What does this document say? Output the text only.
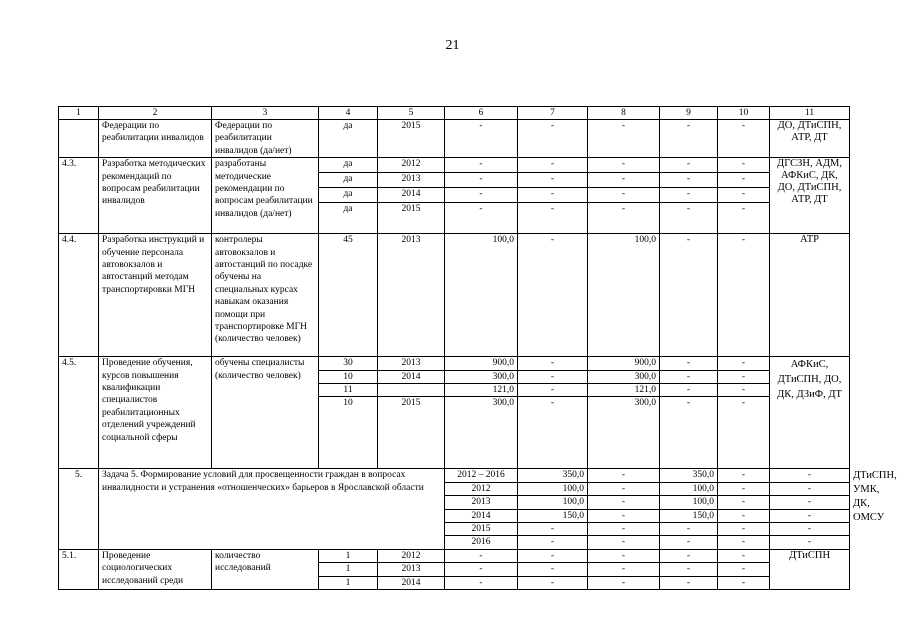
21
1	2	3	4	5	6	7	8	9	10	11	
	Федерации по реабилитации инвалидов	Федерации по реабилитации инвалидов (да/нет)	да	2015	-	-	-	-	-	ДО, ДТиСПН, АТР, ДТ	
4.3.	Разработка методических рекомендаций по вопросам реабилитации инвалидов	разработаны методические рекомендации по вопросам реабилитации инвалидов (да/нет)	да	2012	-	-	-	-	-	ДГСЗН, АДМ, АФКиС, ДК, ДО, ДТиСПН, АТР, ДТ	
			да	2013	-	-	-	-	-		
			да	2014	-	-	-	-	-		
			да	2015	-	-	-	-	-		
4.4.	Разработка инструкций и обучение персонала автовокзалов и автостанций методам транспортировки МГН	контролеры автовокзалов и автостанций по посадке обучены на специальных курсах навыкам оказания помощи при транспортировке МГН (количество человек)	45	2013	100,0	-	100,0	-	-	АТР	
4.5.	Проведение обучения, курсов повышения квалификации специалистов реабилитационных отделений учреждений социальной сферы	обучены специалисты (количество человек)	30	2013	900,0	-	900,0	-	-	АФКиС, ДТиСПН, ДО, ДК, ДЗиФ, ДТ	
			10	2014	300,0	-	300,0	-	-		
			11		121,0	-	121,0	-	-		
			10	2015	300,0	-	300,0	-	-		
5.	Задача 5. Формирование условий для просвещенности граждан в вопросах инвалидности и устранения «отношенческих» барьеров в Ярославской области				2012 – 2016	350,0	-	350,0	-	-	ДТиСПН, УМК, ДК, ОМСУ
					2012	100,0	-	100,0	-	-	
					2013	100,0	-	100,0	-	-	
					2014	150,0	-	150,0	-	-	
					2015	-	-	-	-	-	
					2016	-	-	-	-	-	
5.1.	Проведение социологических исследований среди	количество исследований	1	2012	-	-	-	-	-	ДТиСПН	
			1	2013	-	-	-	-	-		
			1	2014	-	-	-	-	-		
